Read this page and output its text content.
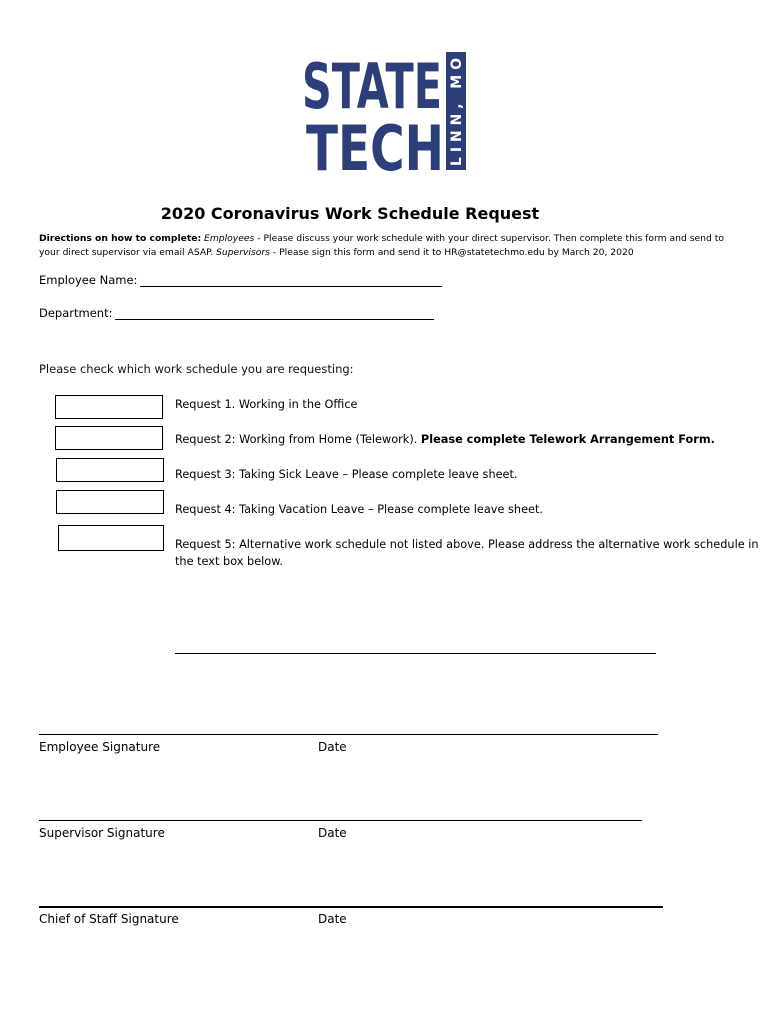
STATE
TECH LINN, MO
2020 Coronavirus Work Schedule Request
Directions on how to complete: Employees - Please discuss your work schedule with your direct supervisor. Then complete this form and send to your direct supervisor via email ASAP. Supervisors - Please sign this form and send it to HR@statetechmo.edu by March 20, 2020
Employee Name:
Department:
Please check which work schedule you are requesting:
Request 1. Working in the Office
Request 2: Working from Home (Telework). Please complete Telework Arrangement Form.
Request 3: Taking Sick Leave – Please complete leave sheet.
Request 4: Taking Vacation Leave – Please complete leave sheet.
Request 5: Alternative work schedule not listed above. Please address the alternative work schedule in the text box below.
Employee Signature	Date
Supervisor Signature	Date
Chief of Staff Signature	Date
